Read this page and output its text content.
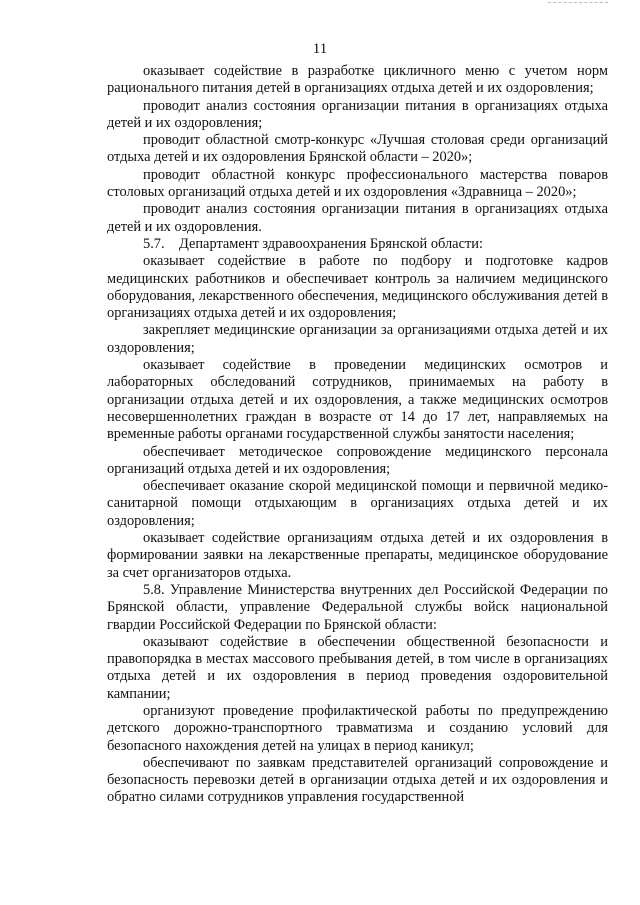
11

оказывает содействие в разработке цикличного меню с учетом норм рационального питания детей в организациях отдыха детей и их оздоровления;

проводит анализ состояния организации питания в организациях отдыха детей и их оздоровления;

проводит областной смотр-конкурс «Лучшая столовая среди организаций отдыха детей и их оздоровления Брянской области – 2020»;

проводит областной конкурс профессионального мастерства поваров столовых организаций отдыха детей и их оздоровления «Здравница – 2020»;

проводит анализ состояния организации питания в организациях отдыха детей и их оздоровления.

5.7.    Департамент здравоохранения Брянской области:

оказывает содействие в работе по подбору и подготовке кадров медицинских работников и обеспечивает контроль за наличием медицинского оборудования, лекарственного обеспечения, медицинского обслуживания детей в организациях отдыха детей и их оздоровления;

закрепляет медицинские организации за организациями отдыха детей и их оздоровления;

оказывает содействие в проведении медицинских осмотров и лабораторных обследований сотрудников, принимаемых на работу в организации отдыха детей и их оздоровления, а также медицинских осмотров несовершеннолетних граждан в возрасте от 14 до 17 лет, направляемых на временные работы органами государственной службы занятости населения;

обеспечивает методическое сопровождение медицинского персонала организаций отдыха детей и их оздоровления;

обеспечивает оказание скорой медицинской помощи и первичной медико-санитарной помощи отдыхающим в организациях отдыха детей и их оздоровления;

оказывает содействие организациям отдыха детей и их оздоровления в формировании заявки на лекарственные препараты, медицинское оборудование за счет организаторов отдыха.

5.8. Управление Министерства внутренних дел Российской Федерации по Брянской области, управление Федеральной службы войск национальной гвардии Российской Федерации по Брянской области:

оказывают содействие в обеспечении общественной безопасности и правопорядка в местах массового пребывания детей, в том числе в организациях отдыха детей и их оздоровления в период проведения оздоровительной кампании;

организуют проведение профилактической работы по предупреждению детского дорожно-транспортного травматизма и созданию условий для безопасного нахождения детей на улицах в период каникул;

обеспечивают по заявкам представителей организаций сопровождение и безопасность перевозки детей в организации отдыха детей и их оздоровления и обратно силами сотрудников управления государственной
